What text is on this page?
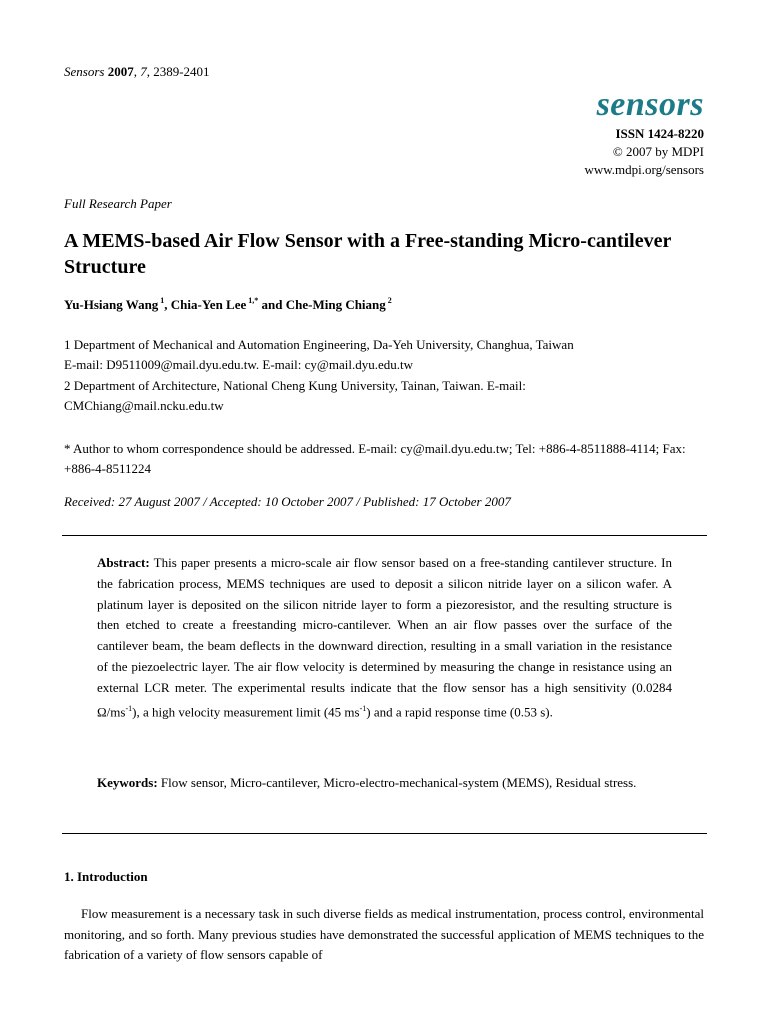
Sensors 2007, 7, 2389-2401
sensors
ISSN 1424-8220
© 2007 by MDPI
www.mdpi.org/sensors
Full Research Paper
A MEMS-based Air Flow Sensor with a Free-standing Micro-cantilever Structure
Yu-Hsiang Wang $^1$, Chia-Yen Lee $^{1,*}$ and Che-Ming Chiang $^2$
1 Department of Mechanical and Automation Engineering, Da-Yeh University, Changhua, Taiwan
E-mail: D9511009@mail.dyu.edu.tw. E-mail: cy@mail.dyu.edu.tw
2 Department of Architecture, National Cheng Kung University, Tainan, Taiwan. E-mail: CMChiang@mail.ncku.edu.tw
* Author to whom correspondence should be addressed. E-mail: cy@mail.dyu.edu.tw; Tel: +886-4-8511888-4114; Fax: +886-4-8511224
Received: 27 August 2007 / Accepted: 10 October 2007 / Published: 17 October 2007
Abstract: This paper presents a micro-scale air flow sensor based on a free-standing cantilever structure. In the fabrication process, MEMS techniques are used to deposit a silicon nitride layer on a silicon wafer. A platinum layer is deposited on the silicon nitride layer to form a piezoresistor, and the resulting structure is then etched to create a freestanding micro-cantilever. When an air flow passes over the surface of the cantilever beam, the beam deflects in the downward direction, resulting in a small variation in the resistance of the piezoelectric layer. The air flow velocity is determined by measuring the change in resistance using an external LCR meter. The experimental results indicate that the flow sensor has a high sensitivity (0.0284 $\Omega/ms^{-1}$), a high velocity measurement limit (45 $ms^{-1}$) and a rapid response time (0.53 s).
Keywords: Flow sensor, Micro-cantilever, Micro-electro-mechanical-system (MEMS), Residual stress.
1. Introduction
Flow measurement is a necessary task in such diverse fields as medical instrumentation, process control, environmental monitoring, and so forth. Many previous studies have demonstrated the successful application of MEMS techniques to the fabrication of a variety of flow sensors capable of
